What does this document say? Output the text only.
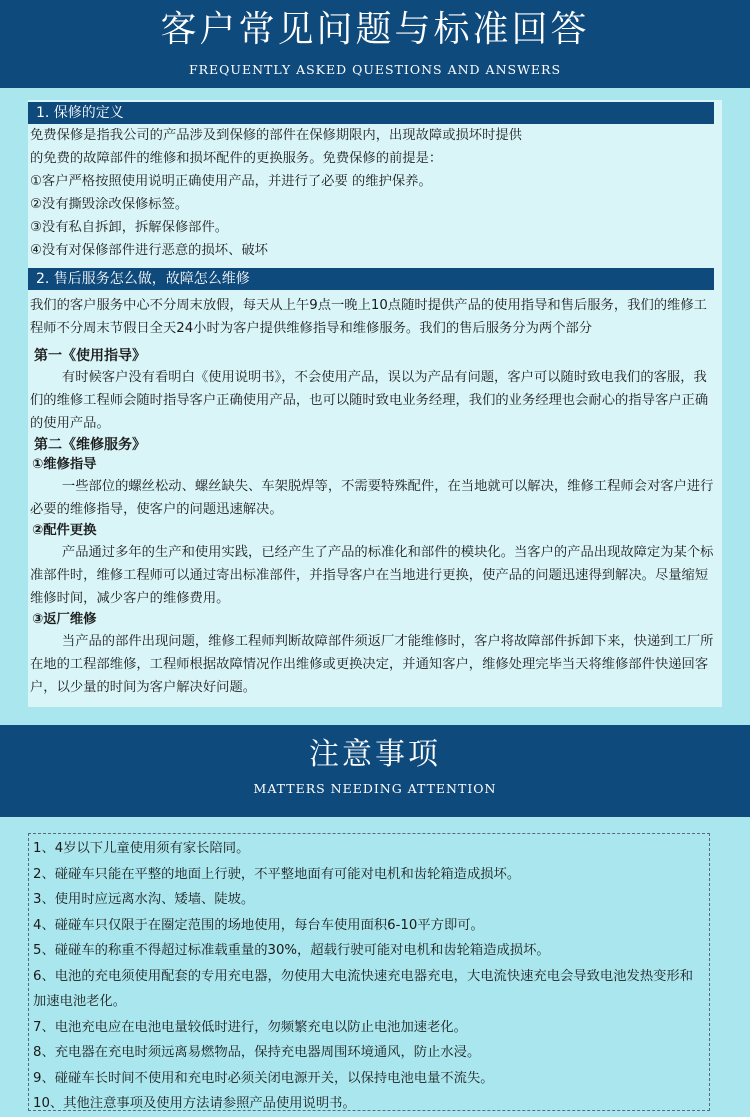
客户常见问题与标准回答
FREQUENTLY ASKED QUESTIONS AND ANSWERS
1. 保修的定义

免费保修是指我公司的产品涉及到保修的部件在保修期限内，出现故障或损坏时提供

的免费的故障部件的维修和损坏配件的更换服务。免费保修的前提是：

①客户严格按照使用说明正确使用产品，并进行了必要 的维护保养。

②没有撕毁涂改保修标签。

③没有私自拆卸，拆解保修部件。

④没有对保修部件进行恶意的损坏、破坏

2. 售后服务怎么做，故障怎么维修

我们的客户服务中心不分周末放假，每天从上午9点一晚上10点随时提供产品的使用指导和售后服务，我们的维修工程师不分周末节假日全天24小时为客户提供维修指导和维修服务。我们的售后服务分为两个部分

第一《使用指导》

有时候客户没有看明白《使用说明书》，不会使用产品，误以为产品有问题，客户可以随时致电我们的客服，我们的维修工程师会随时指导客户正确使用产品，也可以随时致电业务经理，我们的业务经理也会耐心的指导客户正确的使用产品。

第二《维修服务》
①维修指导

一些部位的螺丝松动、螺丝缺失、车架脱焊等，不需要特殊配件，在当地就可以解决，维修工程师会对客户进行必要的维修指导，使客户的问题迅速解决。

②配件更换

产品通过多年的生产和使用实践，已经产生了产品的标准化和部件的模块化。当客户的产品出现故障定为某个标准部件时，维修工程师可以通过寄出标准部件，并指导客户在当地进行更换，使产品的问题迅速得到解决。尽量缩短维修时间，减少客户的维修费用。

③返厂维修

当产品的部件出现问题，维修工程师判断故障部件须返厂才能维修时，客户将故障部件拆卸下来，快递到工厂所在地的工程部维修，工程师根据故障情况作出维修或更换决定，并通知客户，维修处理完毕当天将维修部件快递回客户，以少量的时间为客户解决好问题。

注意事项
MATTERS NEEDING ATTENTION

1、4岁以下儿童使用须有家长陪同。

2、碰碰车只能在平整的地面上行驶，不平整地面有可能对电机和齿轮箱造成损坏。

3、使用时应远离水沟、矮墙、陡坡。

4、碰碰车只仅限于在圈定范围的场地使用，每台车使用面积6-10平方即可。

5、碰碰车的称重不得超过标准载重量的30%，超载行驶可能对电机和齿轮箱造成损坏。

6、电池的充电须使用配套的专用充电器，勿使用大电流快速充电器充电，大电流快速充电会导致电池发热变形和加速电池老化。

7、电池充电应在电池电量较低时进行，勿频繁充电以防止电池加速老化。

8、充电器在充电时须远离易燃物品，保持充电器周围环境通风，防止水浸。

9、碰碰车长时间不使用和充电时必须关闭电源开关，以保持电池电量不流失。

10、其他注意事项及使用方法请参照产品使用说明书。
